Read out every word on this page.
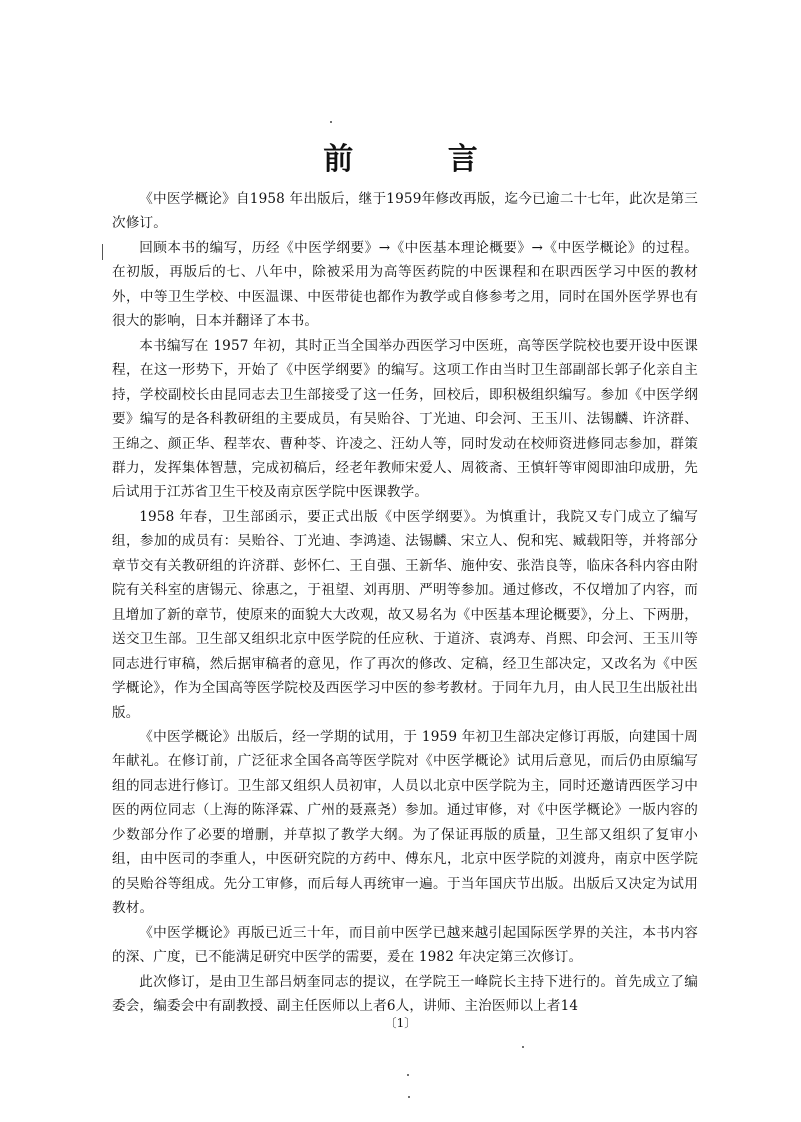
前 言

《中医学概论》自1958 年出版后，继于1959年修改再版，迄今已逾二十七年，此次是第三次修订。

回顾本书的编写，历经《中医学纲要》→《中医基本理论概要》→《中医学概论》的过程。在初版，再版后的七、八年中，除被采用为高等医药院的中医课程和在职西医学习中医的教材外，中等卫生学校、中医温课、中医带徒也都作为教学或自修参考之用，同时在国外医学界也有很大的影响，日本并翻译了本书。

本书编写在 1957 年初，其时正当全国举办西医学习中医班，高等医学院校也要开设中医课程，在这一形势下，开始了《中医学纲要》的编写。这项工作由当时卫生部副部长郭子化亲自主持，学校副校长由昆同志去卫生部接受了这一任务，回校后，即积极组织编写。参加《中医学纲要》编写的是各科教研组的主要成员，有吴贻谷、丁光迪、印会河、王玉川、法锡麟、许济群、王绵之、颜正华、程莘农、曹种苓、许凌之、汪幼人等，同时发动在校师资进修同志参加，群策群力，发挥集体智慧，完成初稿后，经老年教师宋爱人、周筱斋、王慎轩等审阅即油印成册，先后试用于江苏省卫生干校及南京医学院中医课教学。

1958 年春，卫生部函示，要正式出版《中医学纲要》。为慎重计，我院又专门成立了编写组，参加的成员有：吴贻谷、丁光迪、李鸿逵、法锡麟、宋立人、倪和宪、臧载阳等，并将部分章节交有关教研组的许济群、彭怀仁、王自强、王新华、施仲安、张浩良等，临床各科内容由附院有关科室的唐锡元、徐惠之，于祖望、刘再朋、严明等参加。通过修改，不仅增加了内容，而且增加了新的章节，使原来的面貌大大改观，故又易名为《中医基本理论概要》，分上、下两册，送交卫生部。卫生部又组织北京中医学院的任应秋、于道济、袁鸿寿、肖熙、印会河、王玉川等同志进行审稿，然后据审稿者的意见，作了再次的修改、定稿，经卫生部决定，又改名为《中医学概论》，作为全国高等医学院校及西医学习中医的参考教材。于同年九月，由人民卫生出版社出版。

《中医学概论》出版后，经一学期的试用，于 1959 年初卫生部决定修订再版，向建国十周年献礼。在修订前，广泛征求全国各高等医学院对《中医学概论》试用后意见，而后仍由原编写组的同志进行修订。卫生部又组织人员初审，人员以北京中医学院为主，同时还邀请西医学习中医的两位同志（上海的陈泽霖、广州的聂熹尧）参加。通过审修，对《中医学概论》一版内容的少数部分作了必要的增删，并草拟了教学大纲。为了保证再版的质量，卫生部又组织了复审小组，由中医司的李重人，中医研究院的方药中、傅东凡，北京中医学院的刘渡舟，南京中医学院的吴贻谷等组成。先分工审修，而后每人再统审一遍。于当年国庆节出版。出版后又决定为试用教材。

《中医学概论》再版已近三十年，而目前中医学已越来越引起国际医学界的关注，本书内容的深、广度，已不能满足研究中医学的需要，爰在 1982 年决定第三次修订。

此次修订，是由卫生部吕炳奎同志的提议，在学院王一峰院长主持下进行的。首先成立了编委会，编委会中有副教授、副主任医师以上者6人，讲师、主治医师以上者14

〔1〕
